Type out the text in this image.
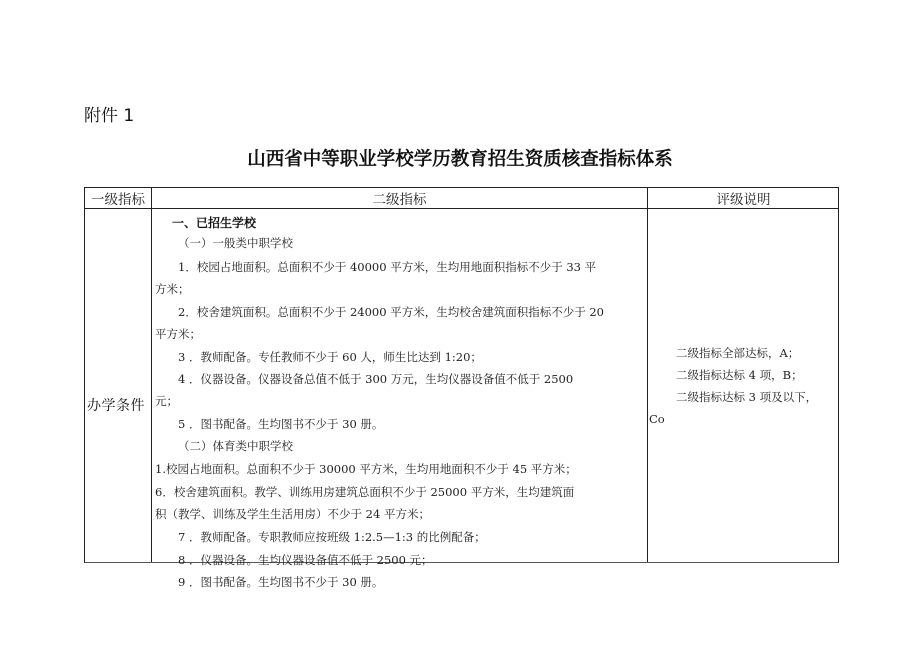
附件 1
山西省中等职业学校学历教育招生资质核查指标体系
一级指标	二级指标	评级说明
办学条件
一、已招生学校
（一）一般类中职学校
1．校园占地面积。总面积不少于 40000 平方米，生均用地面积指标不少于 33 平
方米；
2．校舍建筑面积。总面积不少于 24000 平方米，生均校舍建筑面积指标不少于 20
平方米；
3 ．教师配备。专任教师不少于 60 人，师生比达到 1:20；
4 ．仪器设备。仪器设备总值不低于 300 万元，生均仪器设备值不低于 2500
元；
5 ．图书配备。生均图书不少于 30 册。
（二）体育类中职学校
1.校园占地面积。总面积不少于 30000 平方米，生均用地面积不少于 45 平方米；
6．校舍建筑面积。教学、训练用房建筑总面积不少于 25000 平方米，生均建筑面
积（教学、训练及学生生活用房）不少于 24 平方米；
7 ．教师配备。专职教师应按班级 1:2.5—1:3 的比例配备；
8 ．仪器设备。生均仪器设备值不低于 2500 元；
9 ．图书配备。生均图书不少于 30 册。
二级指标全部达标，A；
二级指标达标 4 项，B；
二级指标达标 3 项及以下，
Co
